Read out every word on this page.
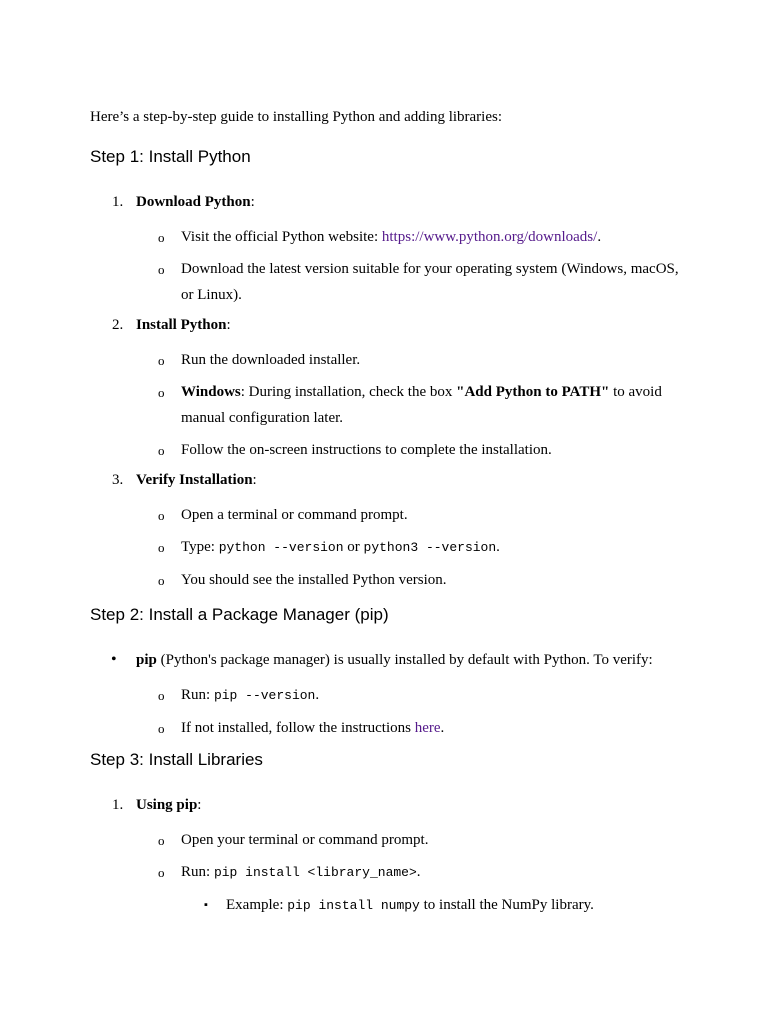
Here’s a step-by-step guide to installing Python and adding libraries:

Step 1: Install Python
1. Download Python:
o Visit the official Python website: https://www.python.org/downloads/.
o Download the latest version suitable for your operating system (Windows, macOS, or Linux).
2. Install Python:
o Run the downloaded installer.
o Windows: During installation, check the box "Add Python to PATH" to avoid manual configuration later.
o Follow the on-screen instructions to complete the installation.
3. Verify Installation:
o Open a terminal or command prompt.
o Type: python --version or python3 --version.
o You should see the installed Python version.
Step 2: Install a Package Manager (pip)
• pip (Python's package manager) is usually installed by default with Python. To verify:
o Run: pip --version.
o If not installed, follow the instructions here.
Step 3: Install Libraries
1. Using pip:
o Open your terminal or command prompt.
o Run: pip install <library_name>.
▪ Example: pip install numpy to install the NumPy library.
